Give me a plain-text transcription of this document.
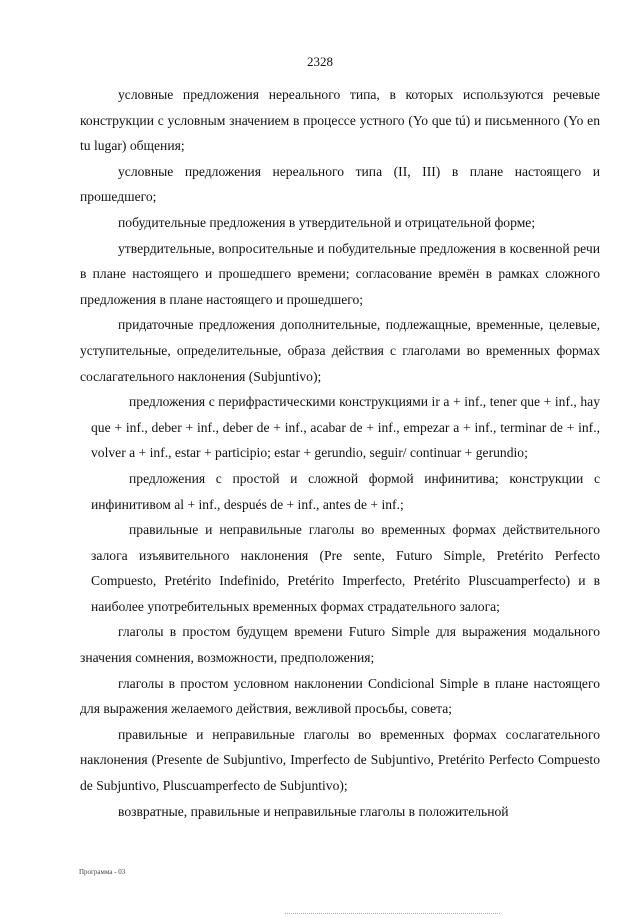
2328

условные предложения нереального типа, в которых используются речевые конструкции с условным значением в процессе устного (Yo que tú) и письменного (Yo en tu lugar) общения;

условные предложения нереального типа (II, III) в плане настоящего и прошедшего;

побудительные предложения в утвердительной и отрицательной форме;

утвердительные, вопросительные и побудительные предложения в косвенной речи в плане настоящего и прошедшего времени; согласование времён в рамках сложного предложения в плане настоящего и прошедшего;

придаточные предложения дополнительные, подлежащные, временные, целевые, уступительные, определительные, образа действия с глаголами во временных формах сослагательного наклонения (Subjuntivo);

предложения с перифрастическими конструкциями ir a + inf., tener que + inf., hay que + inf., deber + inf., deber de + inf., acabar de + inf., empezar a + inf., terminar de + inf., volver a + inf., estar + participio; estar + gerundio, seguir/ continuar + gerundio;

предложения с простой и сложной формой инфинитива; конструкции с инфинитивом al + inf., después de + inf., antes de + inf.;

правильные и неправильные глаголы во временных формах действительного залога изъявительного наклонения (Pre sente, Futuro Simple, Pretérito Perfecto Compuesto, Pretérito Indefinido, Pretérito Imperfecto, Pretérito Pluscuamperfecto) и в наиболее употребительных временных формах страдательного залога;

глаголы в простом будущем времени Futuro Simple для выражения модального значения сомнения, возможности, предположения;

глаголы в простом условном наклонении Condicional Simple в плане настоящего для выражения желаемого действия, вежливой просьбы, совета;

правильные и неправильные глаголы во временных формах сослагательного наклонения (Presente de Subjuntivo, Imperfecto de Subjuntivo, Pretérito Perfecto Compuesto de Subjuntivo, Pluscuamperfecto de Subjuntivo);

возвратные, правильные и неправильные глаголы в положительной

Программа - 03
